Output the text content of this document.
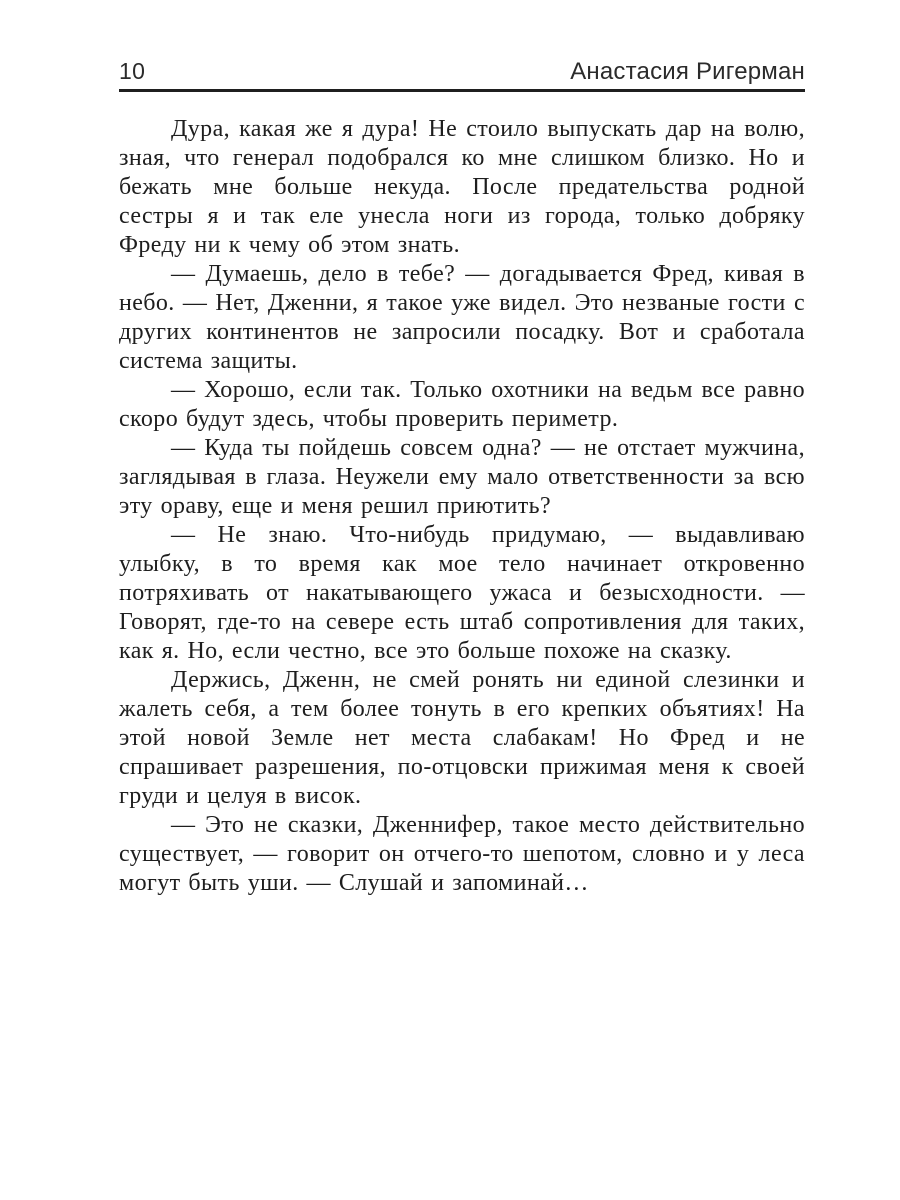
10	Анастасия Ригерман

Дура, какая же я дура! Не стоило выпускать дар на волю, зная, что генерал подобрался ко мне слишком близко. Но и бежать мне больше некуда. После предательства родной сестры я и так еле унесла ноги из города, только добряку Фреду ни к чему об этом знать.

— Думаешь, дело в тебе? — догадывается Фред, кивая в небо. — Нет, Дженни, я такое уже видел. Это незваные гости с других континентов не запросили посадку. Вот и сработала система защиты.

— Хорошо, если так. Только охотники на ведьм все равно скоро будут здесь, чтобы проверить периметр.

— Куда ты пойдешь совсем одна? — не отстает мужчина, заглядывая в глаза. Неужели ему мало ответственности за всю эту ораву, еще и меня решил приютить?

— Не знаю. Что-нибудь придумаю, — выдавливаю улыбку, в то время как мое тело начинает откровенно потряхивать от накатывающего ужаса и безысходности. — Говорят, где-то на севере есть штаб сопротивления для таких, как я. Но, если честно, все это больше похоже на сказку.

Держись, Дженн, не смей ронять ни единой слезинки и жалеть себя, а тем более тонуть в его крепких объятиях! На этой новой Земле нет места слабакам! Но Фред и не спрашивает разрешения, по-отцовски прижимая меня к своей груди и целуя в висок.

— Это не сказки, Дженнифер, такое место действительно существует, — говорит он отчего-то шепотом, словно и у леса могут быть уши. — Слушай и запоминай…
